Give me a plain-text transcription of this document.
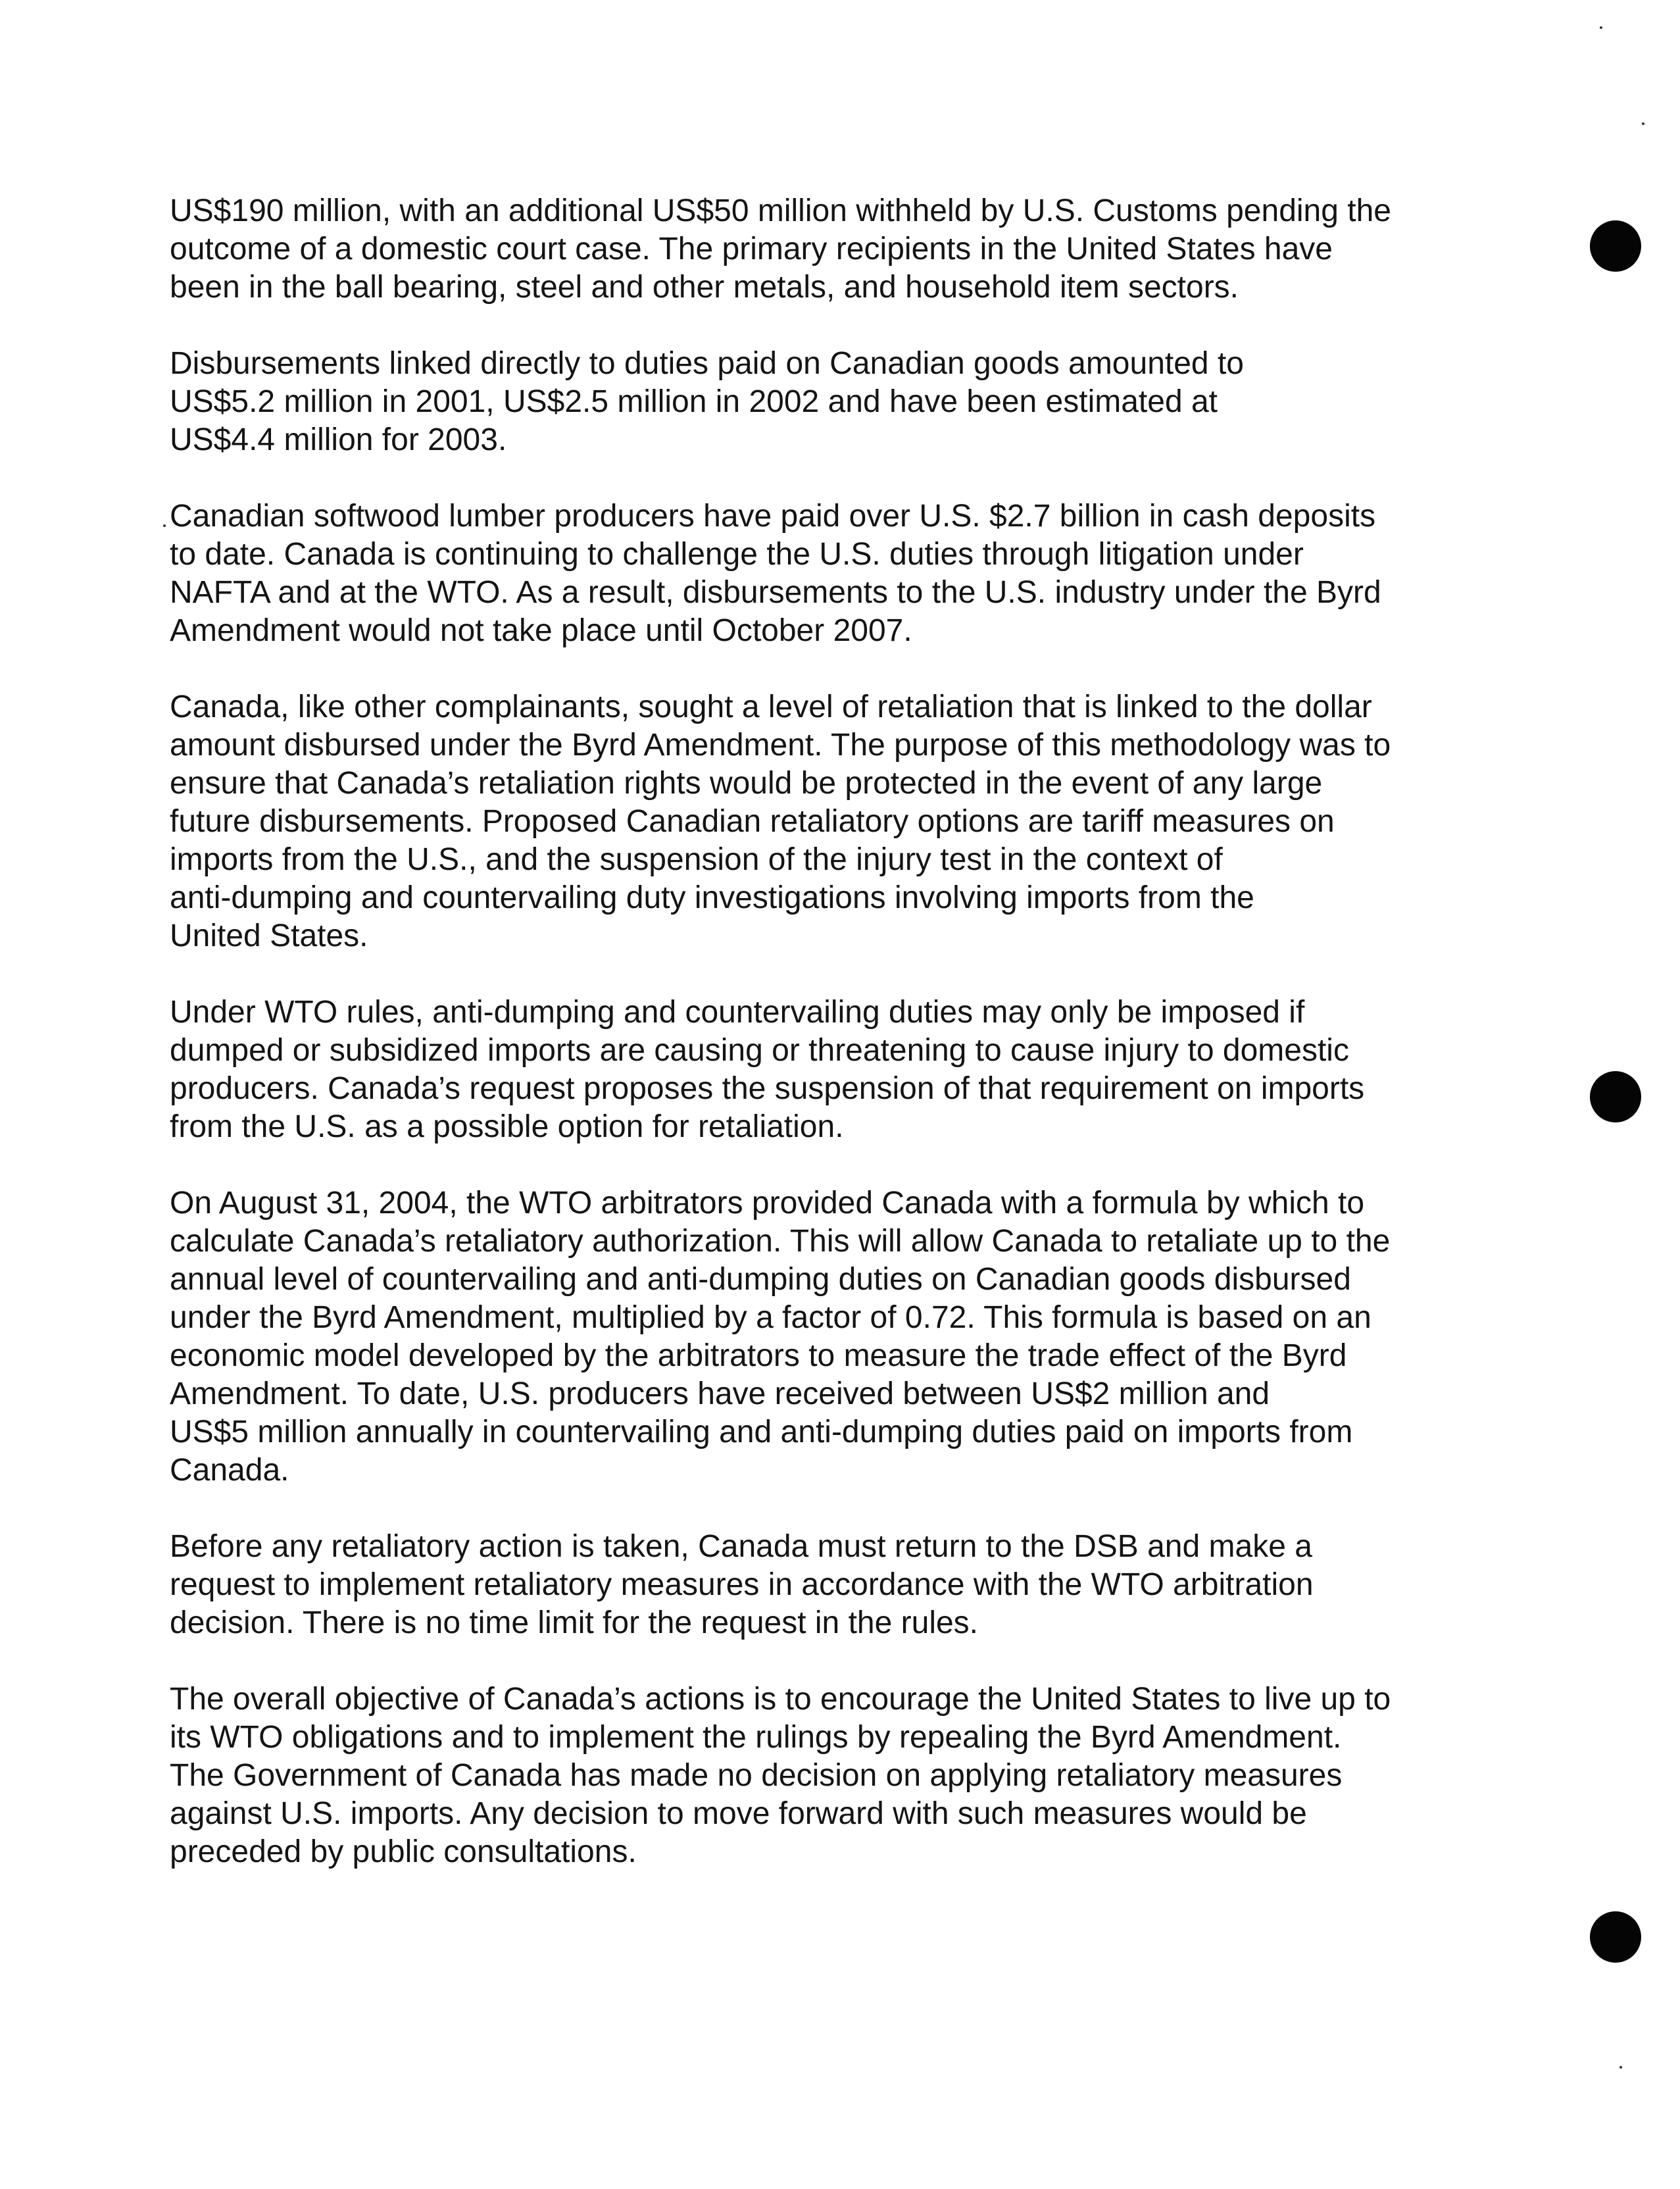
US$190 million, with an additional US$50 million withheld by U.S. Customs pending the
outcome of a domestic court case. The primary recipients in the United States have
been in the ball bearing, steel and other metals, and household item sectors.

Disbursements linked directly to duties paid on Canadian goods amounted to
US$5.2 million in 2001, US$2.5 million in 2002 and have been estimated at
US$4.4 million for 2003.

Canadian softwood lumber producers have paid over U.S. $2.7 billion in cash deposits
to date. Canada is continuing to challenge the U.S. duties through litigation under
NAFTA and at the WTO. As a result, disbursements to the U.S. industry under the Byrd
Amendment would not take place until October 2007.

Canada, like other complainants, sought a level of retaliation that is linked to the dollar
amount disbursed under the Byrd Amendment. The purpose of this methodology was to
ensure that Canada’s retaliation rights would be protected in the event of any large
future disbursements. Proposed Canadian retaliatory options are tariff measures on
imports from the U.S., and the suspension of the injury test in the context of
anti-dumping and countervailing duty investigations involving imports from the
United States.

Under WTO rules, anti-dumping and countervailing duties may only be imposed if
dumped or subsidized imports are causing or threatening to cause injury to domestic
producers. Canada’s request proposes the suspension of that requirement on imports
from the U.S. as a possible option for retaliation.

On August 31, 2004, the WTO arbitrators provided Canada with a formula by which to
calculate Canada’s retaliatory authorization. This will allow Canada to retaliate up to the
annual level of countervailing and anti-dumping duties on Canadian goods disbursed
under the Byrd Amendment, multiplied by a factor of 0.72. This formula is based on an
economic model developed by the arbitrators to measure the trade effect of the Byrd
Amendment. To date, U.S. producers have received between US$2 million and
US$5 million annually in countervailing and anti-dumping duties paid on imports from
Canada.

Before any retaliatory action is taken, Canada must return to the DSB and make a
request to implement retaliatory measures in accordance with the WTO arbitration
decision. There is no time limit for the request in the rules.

The overall objective of Canada’s actions is to encourage the United States to live up to
its WTO obligations and to implement the rulings by repealing the Byrd Amendment.
The Government of Canada has made no decision on applying retaliatory measures
against U.S. imports. Any decision to move forward with such measures would be
preceded by public consultations.
